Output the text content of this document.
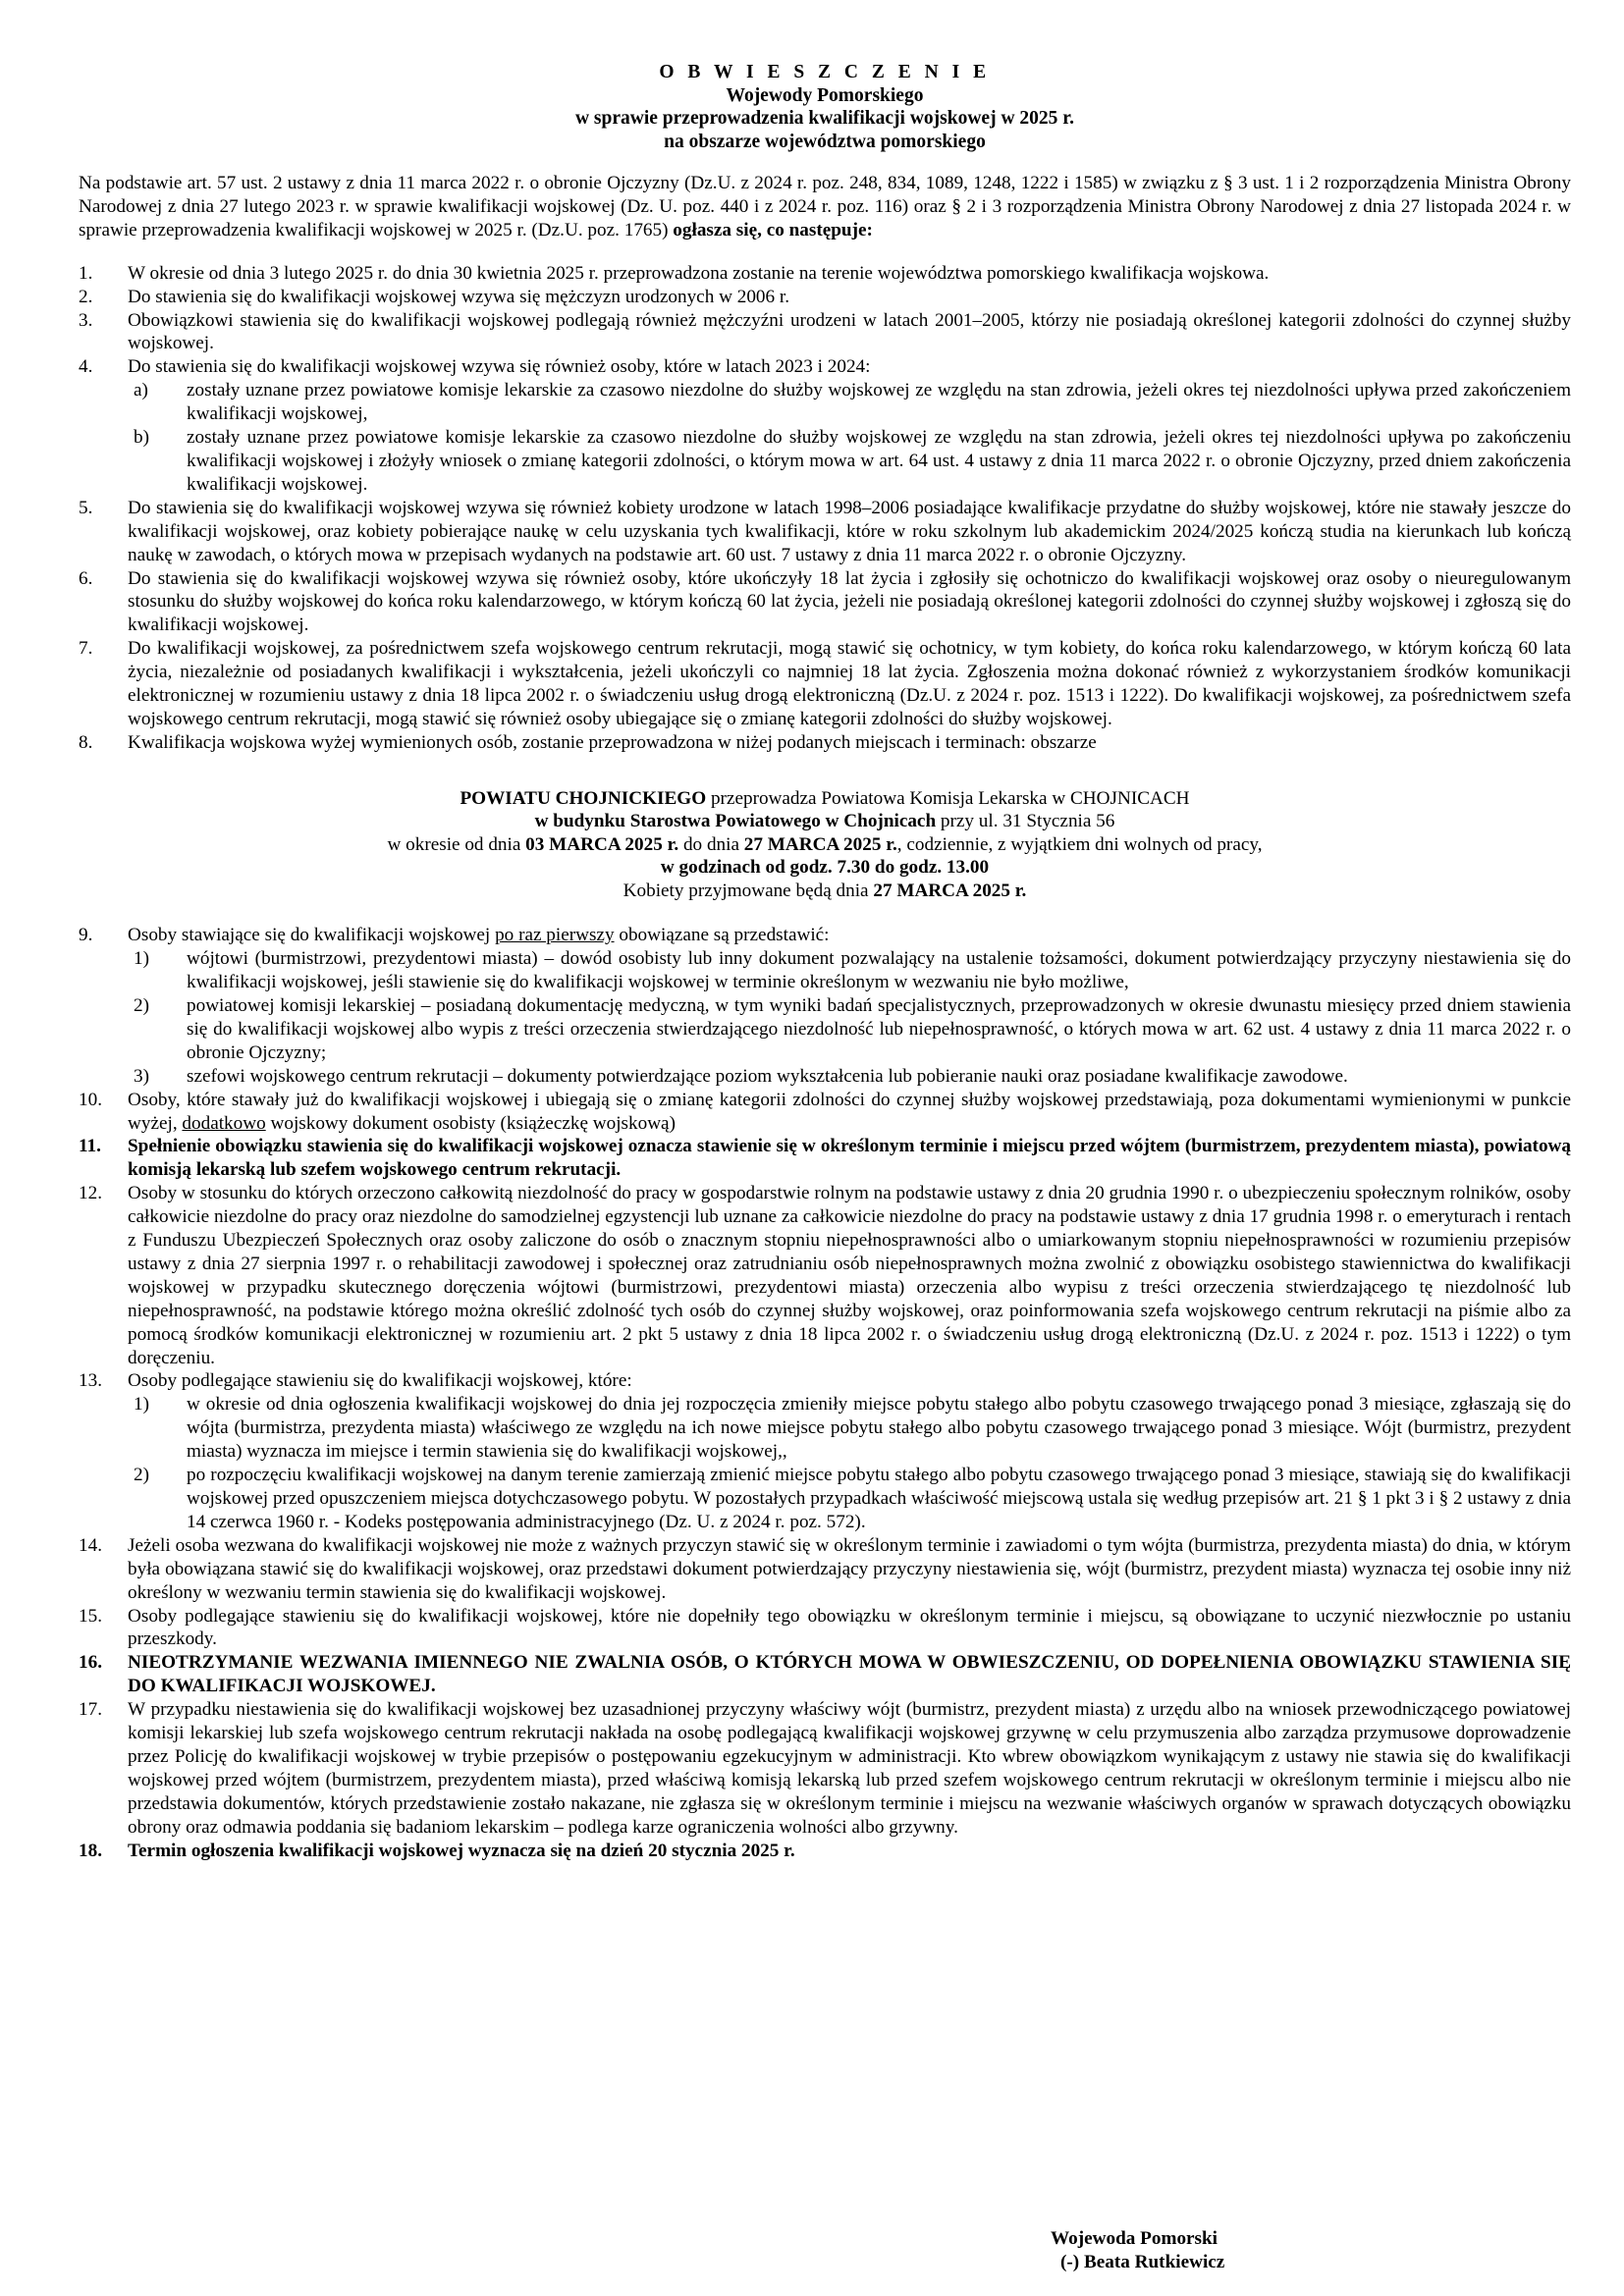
O B W I E S Z C Z E N I E
Wojewody Pomorskiego
w sprawie przeprowadzenia kwalifikacji wojskowej w 2025 r.
na obszarze województwa pomorskiego
Na podstawie art. 57 ust. 2 ustawy z dnia 11 marca 2022 r. o obronie Ojczyzny (Dz.U. z 2024 r. poz. 248, 834, 1089, 1248, 1222 i 1585) w związku z § 3 ust. 1 i 2 rozporządzenia Ministra Obrony Narodowej z dnia 27 lutego 2023 r. w sprawie kwalifikacji wojskowej (Dz. U. poz. 440 i z 2024 r. poz. 116) oraz § 2 i 3 rozporządzenia Ministra Obrony Narodowej z dnia 27 listopada 2024 r. w sprawie przeprowadzenia kwalifikacji wojskowej w 2025 r. (Dz.U. poz. 1765) ogłasza się, co następuje:
1. W okresie od dnia 3 lutego 2025 r. do dnia 30 kwietnia 2025 r. przeprowadzona zostanie na terenie województwa pomorskiego kwalifikacja wojskowa.
2. Do stawienia się do kwalifikacji wojskowej wzywa się mężczyzn urodzonych w 2006 r.
3. Obowiązkowi stawienia się do kwalifikacji wojskowej podlegają również mężczyźni urodzeni w latach 2001–2005, którzy nie posiadają określonej kategorii zdolności do czynnej służby wojskowej.
4. Do stawienia się do kwalifikacji wojskowej wzywa się również osoby, które w latach 2023 i 2024:
a) zostały uznane przez powiatowe komisje lekarskie za czasowo niezdolne do służby wojskowej ze względu na stan zdrowia, jeżeli okres tej niezdolności upływa przed zakończeniem kwalifikacji wojskowej,
b) zostały uznane przez powiatowe komisje lekarskie za czasowo niezdolne do służby wojskowej ze względu na stan zdrowia, jeżeli okres tej niezdolności upływa po zakończeniu kwalifikacji wojskowej i złożyły wniosek o zmianę kategorii zdolności, o którym mowa w art. 64 ust. 4 ustawy z dnia 11 marca 2022 r. o obronie Ojczyzny, przed dniem zakończenia kwalifikacji wojskowej.
5. Do stawienia się do kwalifikacji wojskowej wzywa się również kobiety urodzone w latach 1998–2006 posiadające kwalifikacje przydatne do służby wojskowej, które nie stawały jeszcze do kwalifikacji wojskowej, oraz kobiety pobierające naukę w celu uzyskania tych kwalifikacji, które w roku szkolnym lub akademickim 2024/2025 kończą studia na kierunkach lub kończą naukę w zawodach, o których mowa w przepisach wydanych na podstawie art. 60 ust. 7 ustawy z dnia 11 marca 2022 r. o obronie Ojczyzny.
6. Do stawienia się do kwalifikacji wojskowej wzywa się również osoby, które ukończyły 18 lat życia i zgłosiły się ochotniczo do kwalifikacji wojskowej oraz osoby o nieuregulowanym stosunku do służby wojskowej do końca roku kalendarzowego, w którym kończą 60 lat życia, jeżeli nie posiadają określonej kategorii zdolności do czynnej służby wojskowej i zgłoszą się do kwalifikacji wojskowej.
7. Do kwalifikacji wojskowej, za pośrednictwem szefa wojskowego centrum rekrutacji, mogą stawić się ochotnicy, w tym kobiety, do końca roku kalendarzowego, w którym kończą 60 lata życia, niezależnie od posiadanych kwalifikacji i wykształcenia, jeżeli ukończyli co najmniej 18 lat życia. Zgłoszenia można dokonać również z wykorzystaniem środków komunikacji elektronicznej w rozumieniu ustawy z dnia 18 lipca 2002 r. o świadczeniu usług drogą elektroniczną (Dz.U. z 2024 r. poz. 1513 i 1222). Do kwalifikacji wojskowej, za pośrednictwem szefa wojskowego centrum rekrutacji, mogą stawić się również osoby ubiegające się o zmianę kategorii zdolności do służby wojskowej.
8. Kwalifikacja wojskowa wyżej wymienionych osób, zostanie przeprowadzona w niżej podanych miejscach i terminach: obszarze
POWIATU CHOJNICKIEGO przeprowadza Powiatowa Komisja Lekarska w CHOJNICACH
w budynku Starostwa Powiatowego w Chojnicach przy ul. 31 Stycznia 56
w okresie od dnia 03 MARCA 2025 r. do dnia 27 MARCA 2025 r., codziennie, z wyjątkiem dni wolnych od pracy,
w godzinach od godz. 7.30 do godz. 13.00
Kobiety przyjmowane będą dnia 27 MARCA 2025 r.
9. Osoby stawiające się do kwalifikacji wojskowej po raz pierwszy obowiązane są przedstawić:
1) wójtowi (burmistrzowi, prezydentowi miasta) – dowód osobisty lub inny dokument pozwalający na ustalenie tożsamości, dokument potwierdzający przyczyny niestawienia się do kwalifikacji wojskowej, jeśli stawienie się do kwalifikacji wojskowej w terminie określonym w wezwaniu nie było możliwe,
2) powiatowej komisji lekarskiej – posiadaną dokumentację medyczną, w tym wyniki badań specjalistycznych, przeprowadzonych w okresie dwunastu miesięcy przed dniem stawienia się do kwalifikacji wojskowej albo wypis z treści orzeczenia stwierdzającego niezdolność lub niepełnosprawność, o których mowa w art. 62 ust. 4 ustawy z dnia 11 marca 2022 r. o obronie Ojczyzny;
3) szefowi wojskowego centrum rekrutacji – dokumenty potwierdzające poziom wykształcenia lub pobieranie nauki oraz posiadane kwalifikacje zawodowe.
10. Osoby, które stawały już do kwalifikacji wojskowej i ubiegają się o zmianę kategorii zdolności do czynnej służby wojskowej przedstawiają, poza dokumentami wymienionymi w punkcie wyżej, dodatkowo wojskowy dokument osobisty (książeczkę wojskową)
11. Spełnienie obowiązku stawienia się do kwalifikacji wojskowej oznacza stawienie się w określonym terminie i miejscu przed wójtem (burmistrzem, prezydentem miasta), powiatową komisją lekarską lub szefem wojskowego centrum rekrutacji.
12. Osoby w stosunku do których orzeczono całkowitą niezdolność do pracy w gospodarstwie rolnym na podstawie ustawy z dnia 20 grudnia 1990 r. o ubezpieczeniu społecznym rolników, osoby całkowicie niezdolne do pracy oraz niezdolne do samodzielnej egzystencji lub uznane za całkowicie niezdolne do pracy na podstawie ustawy z dnia 17 grudnia 1998 r. o emeryturach i rentach z Funduszu Ubezpieczeń Społecznych oraz osoby zaliczone do osób o znacznym stopniu niepełnosprawności albo o umiarkowanym stopniu niepełnosprawności w rozumieniu przepisów ustawy z dnia 27 sierpnia 1997 r. o rehabilitacji zawodowej i społecznej oraz zatrudnianiu osób niepełnosprawnych można zwolnić z obowiązku osobistego stawiennictwa do kwalifikacji wojskowej w przypadku skutecznego doręczenia wójtowi (burmistrzowi, prezydentowi miasta) orzeczenia albo wypisu z treści orzeczenia stwierdzającego tę niezdolność lub niepełnosprawność, na podstawie którego można określić zdolność tych osób do czynnej służby wojskowej, oraz poinformowania szefa wojskowego centrum rekrutacji na piśmie albo za pomocą środków komunikacji elektronicznej w rozumieniu art. 2 pkt 5 ustawy z dnia 18 lipca 2002 r. o świadczeniu usług drogą elektroniczną (Dz.U. z 2024 r. poz. 1513 i 1222) o tym doręczeniu.
13. Osoby podlegające stawieniu się do kwalifikacji wojskowej, które:
1) w okresie od dnia ogłoszenia kwalifikacji wojskowej do dnia jej rozpoczęcia zmieniły miejsce pobytu stałego albo pobytu czasowego trwającego ponad 3 miesiące, zgłaszają się do wójta (burmistrza, prezydenta miasta) właściwego ze względu na ich nowe miejsce pobytu stałego albo pobytu czasowego trwającego ponad 3 miesiące. Wójt (burmistrz, prezydent miasta) wyznacza im miejsce i termin stawienia się do kwalifikacji wojskowej,,
2) po rozpoczęciu kwalifikacji wojskowej na danym terenie zamierzają zmienić miejsce pobytu stałego albo pobytu czasowego trwającego ponad 3 miesiące, stawiają się do kwalifikacji wojskowej przed opuszczeniem miejsca dotychczasowego pobytu. W pozostałych przypadkach właściwość miejscową ustala się według przepisów art. 21 § 1 pkt 3 i § 2 ustawy z dnia 14 czerwca 1960 r. - Kodeks postępowania administracyjnego (Dz. U. z 2024 r. poz. 572).
14. Jeżeli osoba wezwana do kwalifikacji wojskowej nie może z ważnych przyczyn stawić się w określonym terminie i zawiadomi o tym wójta (burmistrza, prezydenta miasta) do dnia, w którym była obowiązana stawić się do kwalifikacji wojskowej, oraz przedstawi dokument potwierdzający przyczyny niestawienia się, wójt (burmistrz, prezydent miasta) wyznacza tej osobie inny niż określony w wezwaniu termin stawienia się do kwalifikacji wojskowej.
15. Osoby podlegające stawieniu się do kwalifikacji wojskowej, które nie dopełniły tego obowiązku w określonym terminie i miejscu, są obowiązane to uczynić niezwłocznie po ustaniu przeszkody.
16. NIEOTRZYMANIE WEZWANIA IMIENNEGO NIE ZWALNIA OSÓB, O KTÓRYCH MOWA W OBWIESZCZENIU, OD DOPEŁNIENIA OBOWIĄZKU STAWIENIA SIĘ DO KWALIFIKACJI WOJSKOWEJ.
17. W przypadku niestawienia się do kwalifikacji wojskowej bez uzasadnionej przyczyny właściwy wójt (burmistrz, prezydent miasta) z urzędu albo na wniosek przewodniczącego powiatowej komisji lekarskiej lub szefa wojskowego centrum rekrutacji nakłada na osobę podlegającą kwalifikacji wojskowej grzywnę w celu przymuszenia albo zarządza przymusowe doprowadzenie przez Policję do kwalifikacji wojskowej w trybie przepisów o postępowaniu egzekucyjnym w administracji. Kto wbrew obowiązkom wynikającym z ustawy nie stawia się do kwalifikacji wojskowej przed wójtem (burmistrzem, prezydentem miasta), przed właściwą komisją lekarską lub przed szefem wojskowego centrum rekrutacji w określonym terminie i miejscu albo nie przedstawia dokumentów, których przedstawienie zostało nakazane, nie zgłasza się w określonym terminie i miejscu na wezwanie właściwych organów w sprawach dotyczących obowiązku obrony oraz odmawia poddania się badaniom lekarskim – podlega karze ograniczenia wolności albo grzywny.
18. Termin ogłoszenia kwalifikacji wojskowej wyznacza się na dzień 20 stycznia 2025 r.
Wojewoda Pomorski
(-) Beata Rutkiewicz
